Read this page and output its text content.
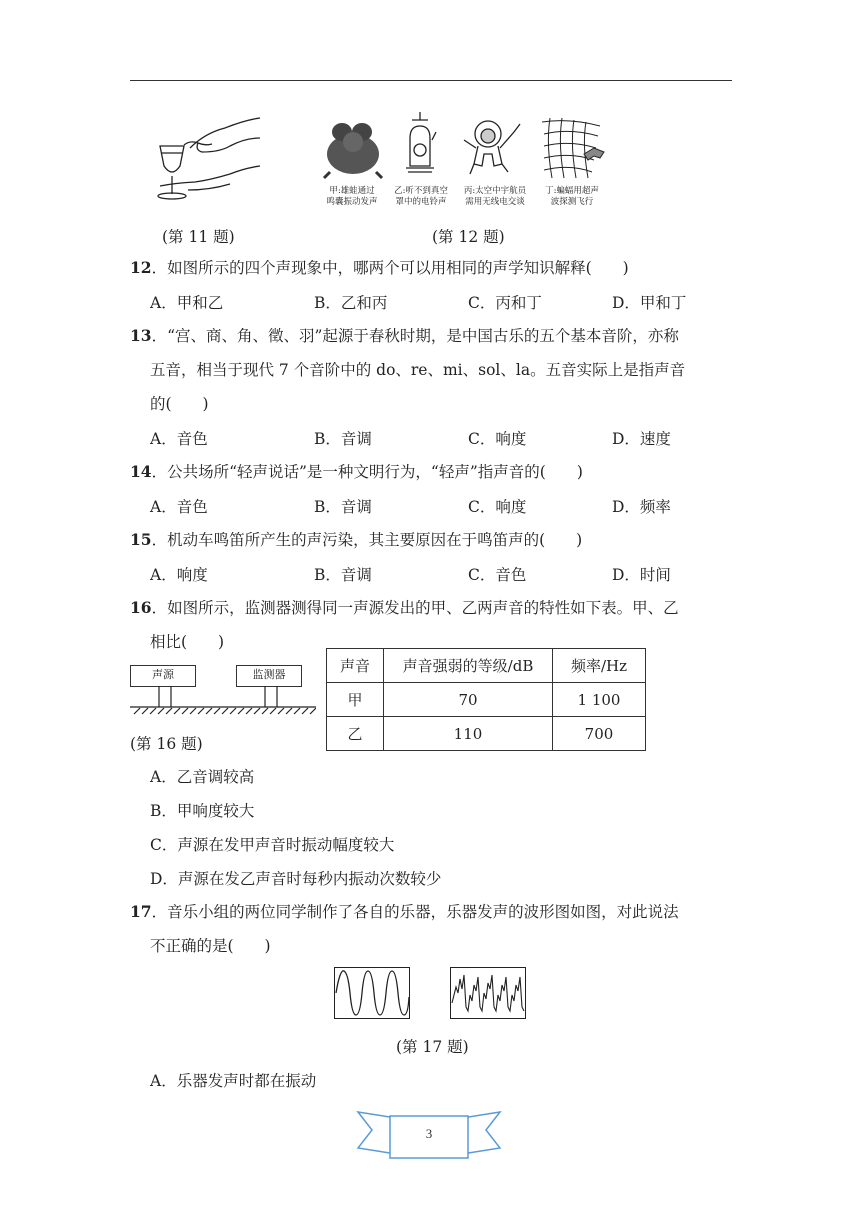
(第 11 题)
甲:雄蛙通过
鸣囊振动发声
乙:听不到真空
罩中的电铃声
丙:太空中宇航员
需用无线电交谈
丁:蝙蝠用超声
波探测飞行
(第 12 题)
12．如图所示的四个声现象中，哪两个可以用相同的声学知识解释(　　)
A．甲和乙	B．乙和丙	C．丙和丁	D．甲和丁
13．“宫、商、角、徵、羽”起源于春秋时期，是中国古乐的五个基本音阶，亦称
五音，相当于现代 7 个音阶中的 do、re、mi、sol、la。五音实际上是指声音
的(　　)
A．音色	B．音调	C．响度	D．速度
14．公共场所“轻声说话”是一种文明行为，“轻声”指声音的(　　)
A．音色	B．音调	C．响度	D．频率
15．机动车鸣笛所产生的声污染，其主要原因在于鸣笛声的(　　)
A．响度	B．音调	C．音色	D．时间
16．如图所示，监测器测得同一声源发出的甲、乙两声音的特性如下表。甲、乙
相比(　　)
声源	监测器
(第 16 题)
声音	声音强弱的等级/dB	频率/Hz
甲	70	1 100
乙	110	700
A．乙音调较高
B．甲响度较大
C．声源在发甲声音时振动幅度较大
D．声源在发乙声音时每秒内振动次数较少
17．音乐小组的两位同学制作了各自的乐器，乐器发声的波形图如图，对此说法
不正确的是(　　)
(第 17 题)
A．乐器发声时都在振动
3
